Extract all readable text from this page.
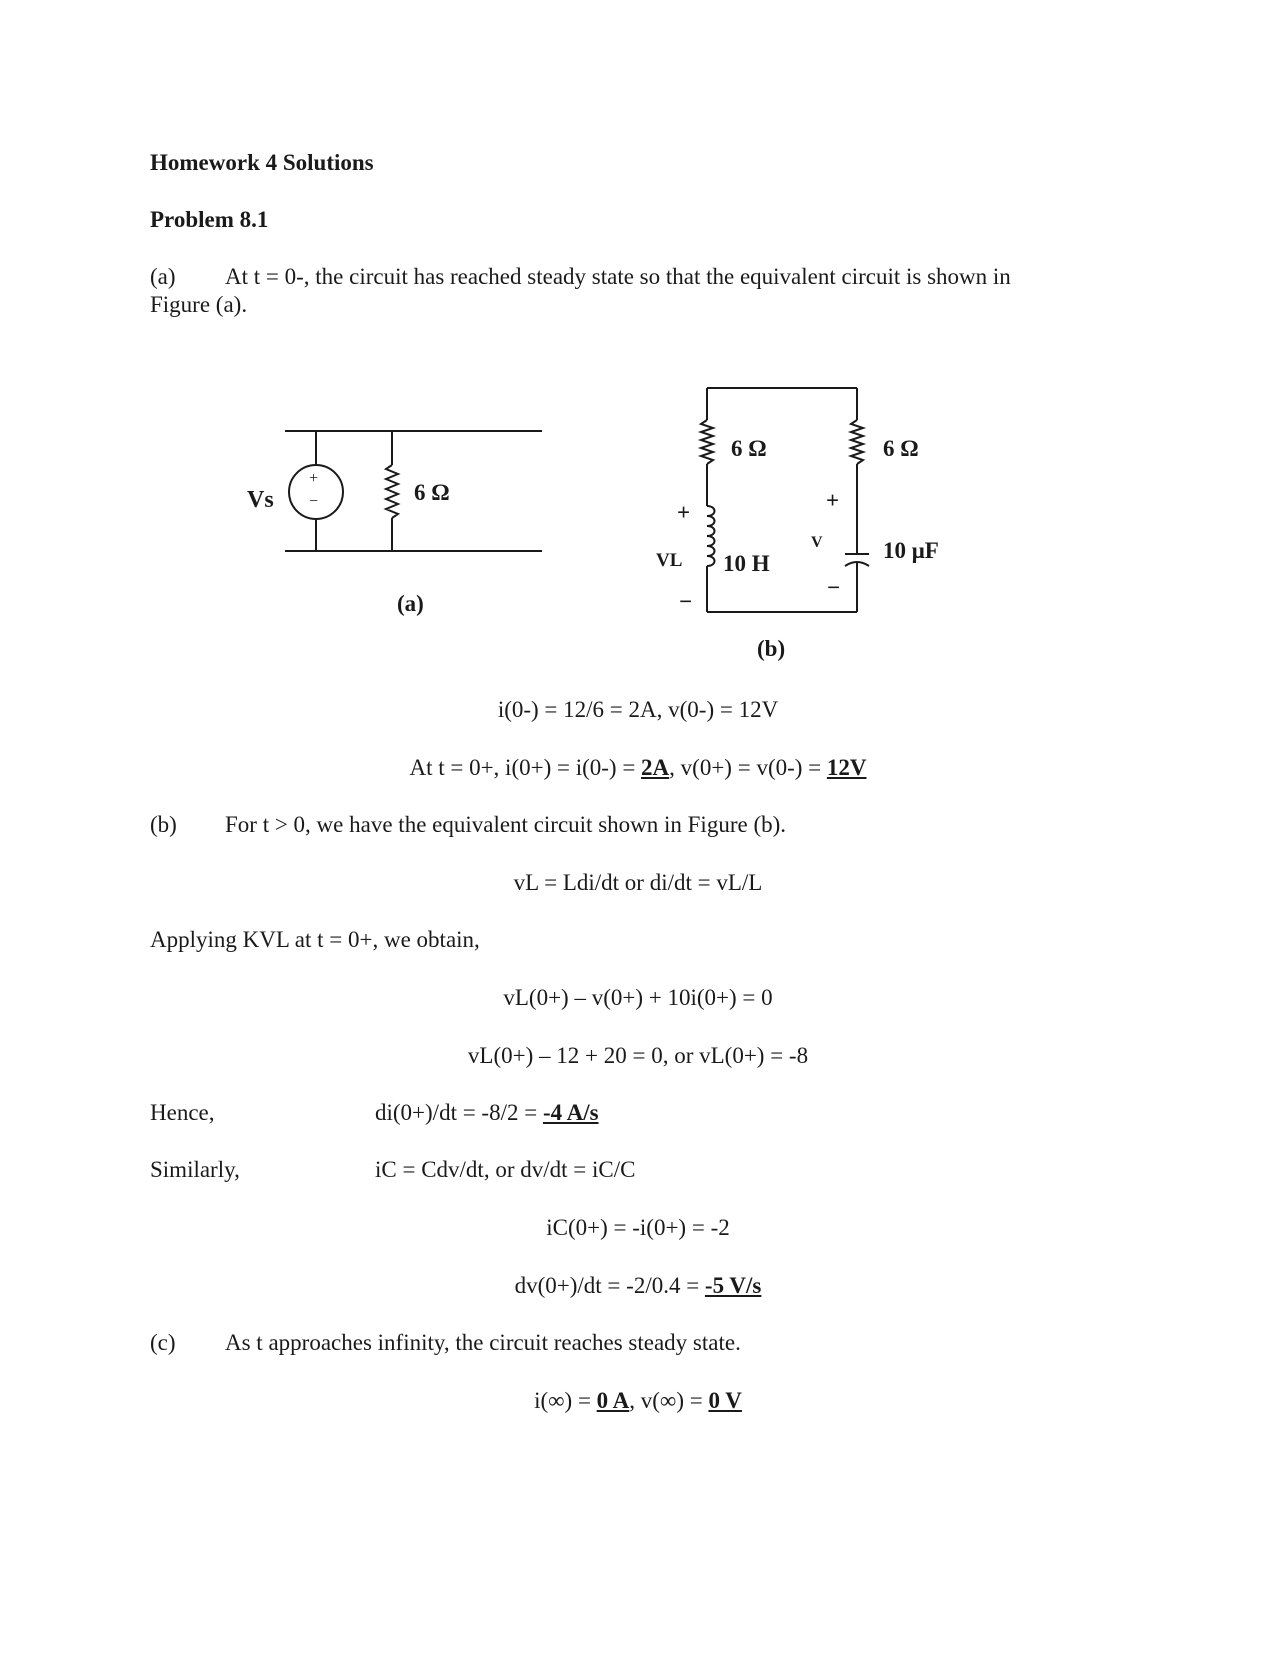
Homework 4 Solutions
Problem 8.1
(a) At t = 0-, the circuit has reached steady state so that the equivalent circuit is shown in
Figure (a).
Vs
+
−	6 Ω
(a)
6 Ω	6 Ω
+
VL 10 H
−
+
V	10 μF
−
(b)
i(0-) = 12/6 = 2A, v(0-) = 12V
At t = 0+, i(0+) = i(0-) = 2A, v(0+) = v(0-) = 12V
(b) For t > 0, we have the equivalent circuit shown in Figure (b).
vL = Ldi/dt or di/dt = vL/L
Applying KVL at t = 0+, we obtain,
vL(0+) – v(0+) + 10i(0+) = 0
vL(0+) – 12 + 20 = 0, or vL(0+) = -8
Hence,	di(0+)/dt = -8/2 = -4 A/s
Similarly,	iC = Cdv/dt, or dv/dt = iC/C
iC(0+) = -i(0+) = -2
dv(0+)/dt = -2/0.4 = -5 V/s
(c) As t approaches infinity, the circuit reaches steady state.
i(∞) = 0 A, v(∞) = 0 V
